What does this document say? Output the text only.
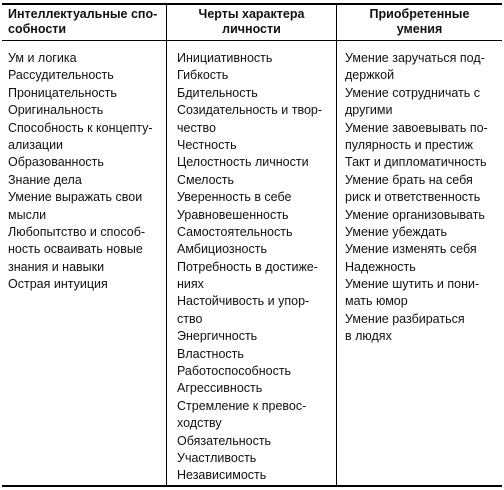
Интеллектуальные спо-
собности
Ум и логика
Рассудительность
Проницательность
Оригинальность
Способность к концепту-
ализации
Образованность
Знание дела
Умение выражать свои
мысли
Любопытство и способ-
ность осваивать новые
знания и навыки
Острая интуиция
Черты характера
личности
Инициативность
Гибкость
Бдительность
Созидательность и твор-
чество
Честность
Целостность личности
Смелость
Уверенность в себе
Уравновешенность
Самостоятельность
Амбициозность
Потребность в достиже-
ниях
Настойчивость и упор-
ство
Энергичность
Властность
Работоспособность
Агрессивность
Стремление к превос-
ходству
Обязательность
Участливость
Независимость
Приобретенные
умения
Умение заручаться под-
держкой
Умение сотрудничать с
другими
Умение завоевывать по-
пулярность и престиж
Такт и дипломатичность
Умение брать на себя
риск и ответственность
Умение организовывать
Умение убеждать
Умение изменять себя
Надежность
Умение шутить и пони-
мать юмор
Умение разбираться
в людях
